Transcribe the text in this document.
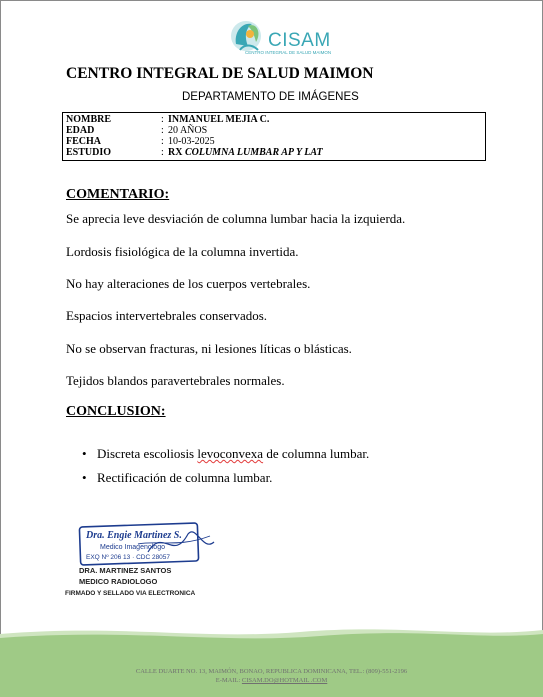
CISAM
CENTRO INTEGRAL DE SALUD MAIMON
CENTRO INTEGRAL DE SALUD MAIMON
DEPARTAMENTO DE IMÁGENES
NOMBRE	: INMANUEL MEJIA C.
EDAD	: 20 AÑOS
FECHA	: 10-03-2025
ESTUDIO	: RX COLUMNA LUMBAR AP Y LAT
COMENTARIO:
Se aprecia leve desviación de columna lumbar hacia la izquierda.
Lordosis fisiológica de la columna invertida.
No hay alteraciones de los cuerpos vertebrales.
Espacios intervertebrales conservados.
No se observan fracturas, ni lesiones líticas o blásticas.
Tejidos blandos paravertebrales normales.
CONCLUSION:
• Discreta escoliosis levoconvexa de columna lumbar.
• Rectificación de columna lumbar.
Dra. Engie Martinez S.
Medico Imagenologo
EXQ Nº 206 13 · CDC 28057
DRA. MARTINEZ SANTOS
MEDICO RADIOLOGO
FIRMADO Y SELLADO VIA ELECTRONICA
CALLE DUARTE NO. 13, MAIMÓN, BONAO, REPUBLICA DOMINICANA, TEL.: (809)-551-2196
E-MAIL: CISAM.DO@HOTMAIL .COM
